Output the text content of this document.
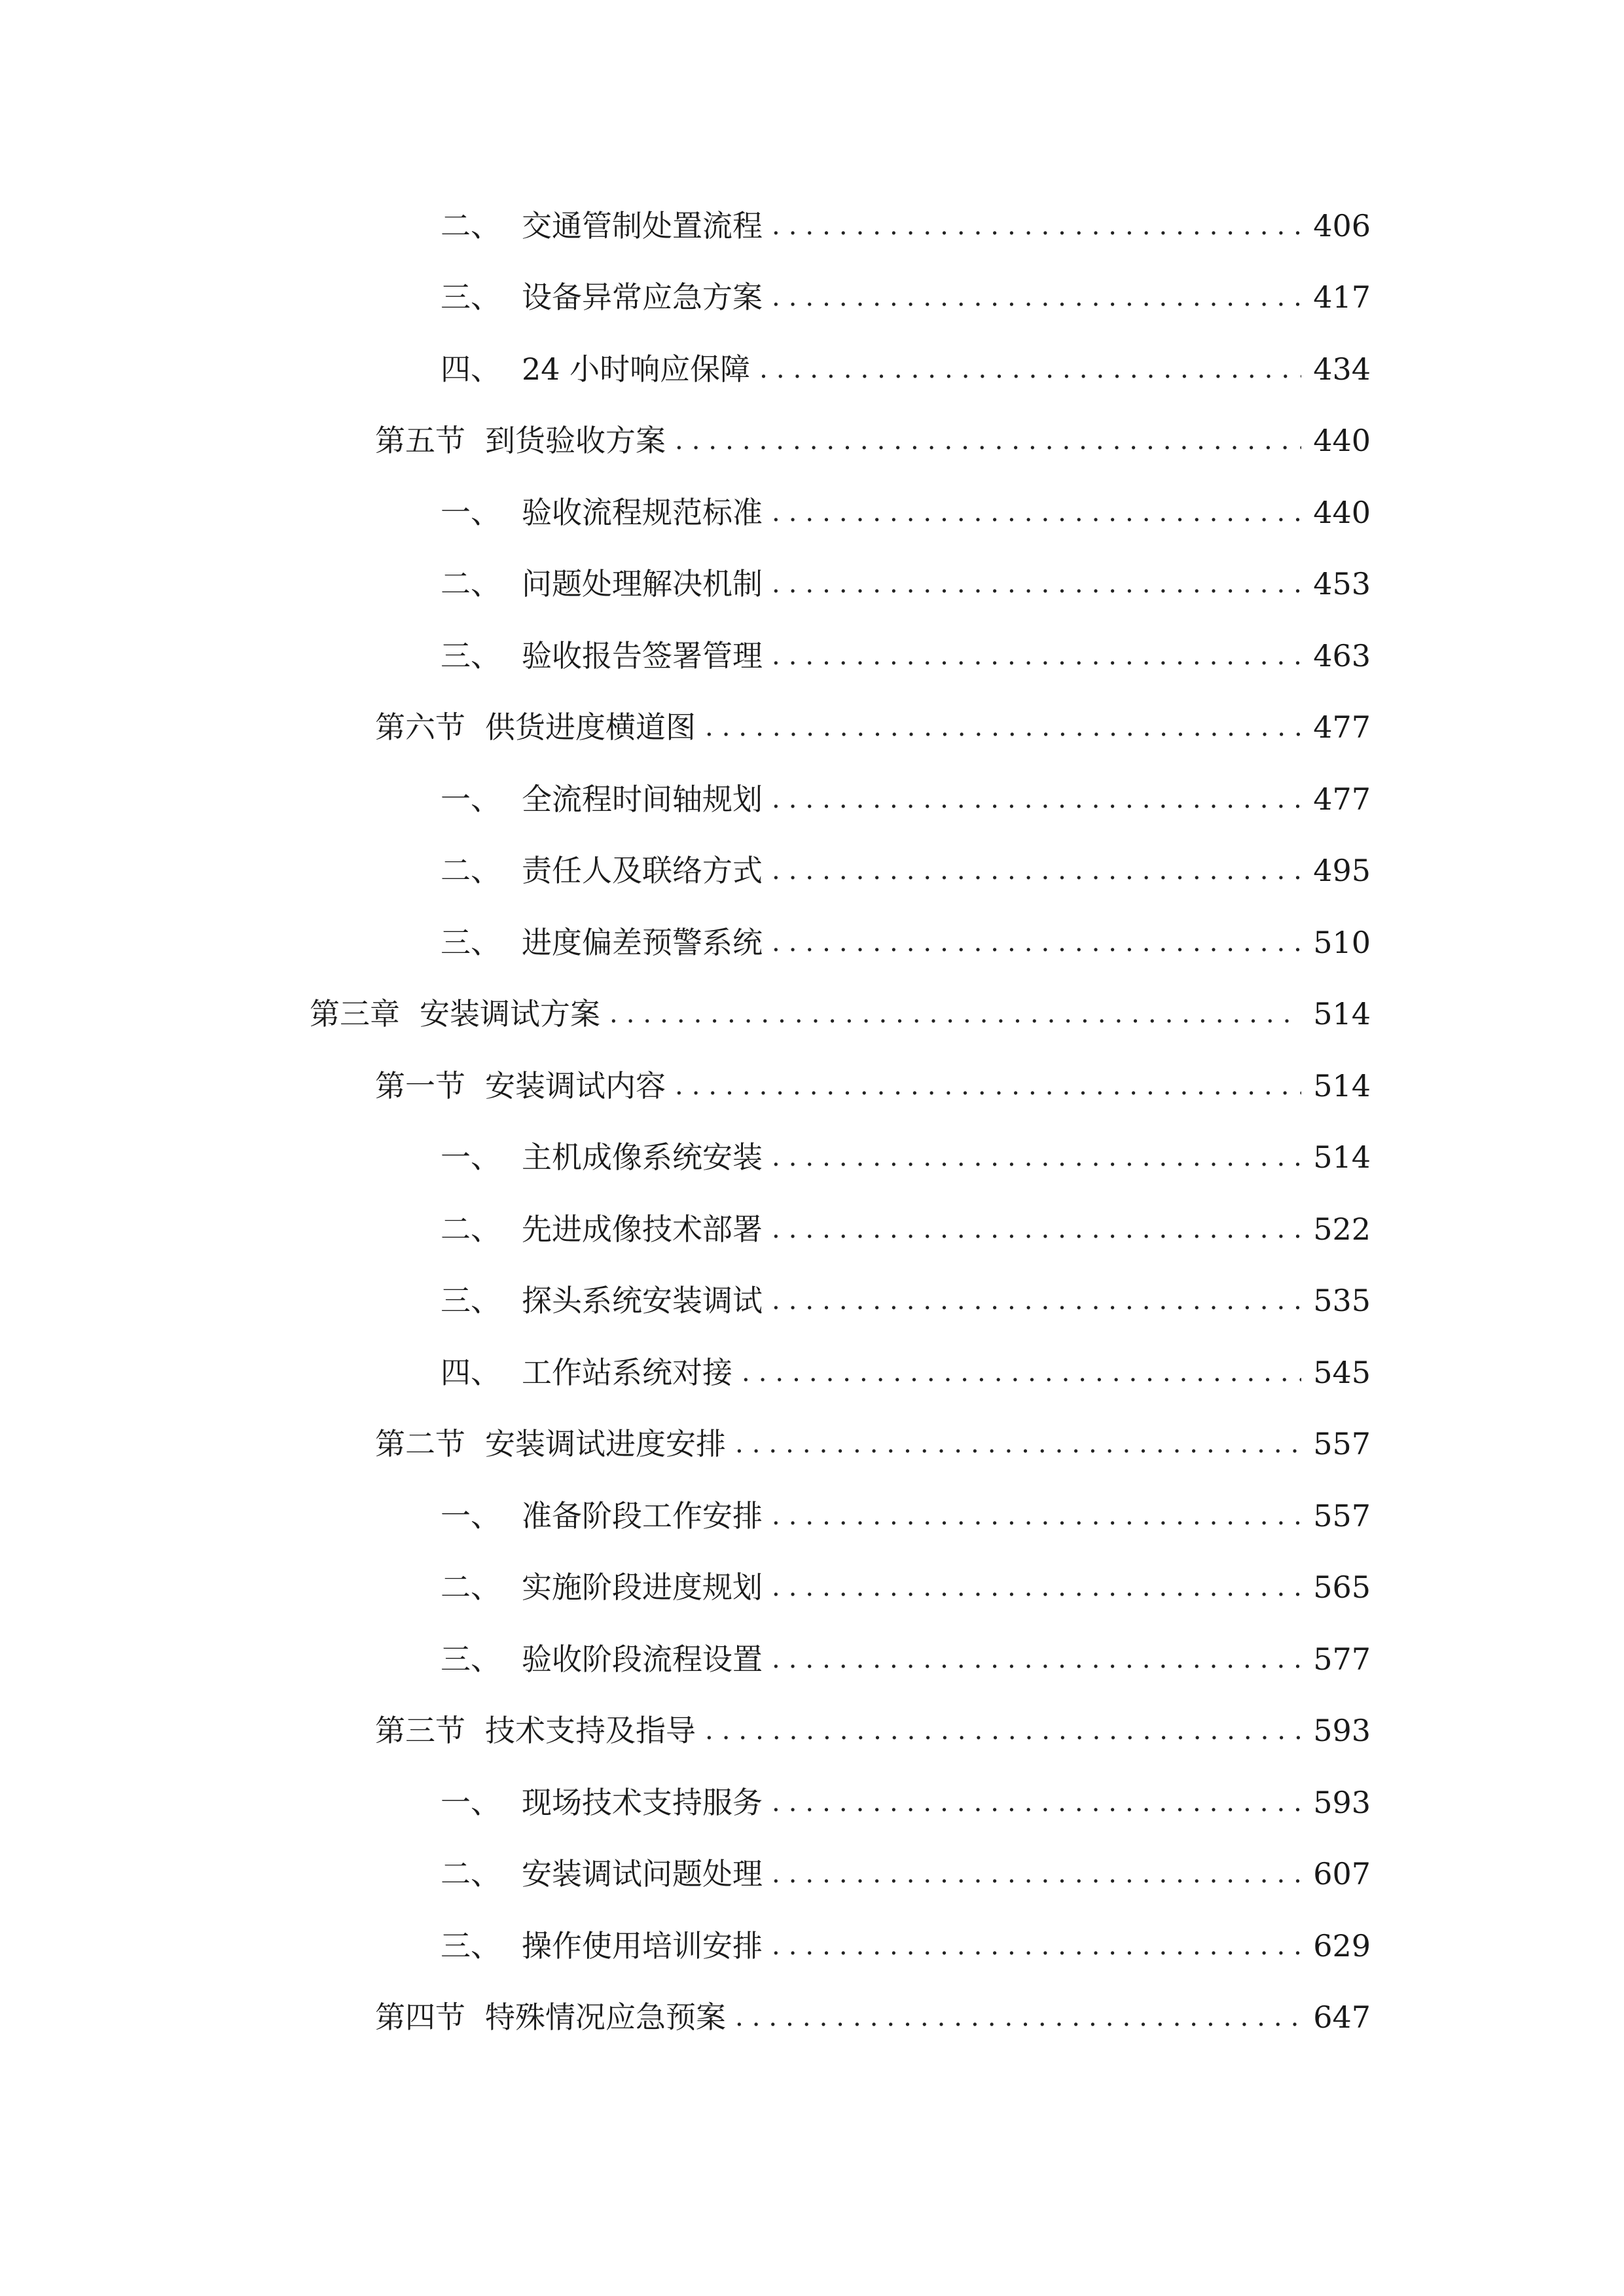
二、 交通管制处置流程 .....	406
三、 设备异常应急方案 .....	417
四、 24 小时响应保障 .....	434
第五节 到货验收方案 .....	440
一、 验收流程规范标准 .....	440
二、 问题处理解决机制 .....	453
三、 验收报告签署管理 .....	463
第六节 供货进度横道图 .....	477
一、 全流程时间轴规划 .....	477
二、 责任人及联络方式 .....	495
三、 进度偏差预警系统 .....	510
第三章 安装调试方案 .....	514
第一节 安装调试内容 .....	514
一、 主机成像系统安装 .....	514
二、 先进成像技术部署 .....	522
三、 探头系统安装调试 .....	535
四、 工作站系统对接 .....	545
第二节 安装调试进度安排 .....	557
一、 准备阶段工作安排 .....	557
二、 实施阶段进度规划 .....	565
三、 验收阶段流程设置 .....	577
第三节 技术支持及指导 .....	593
一、 现场技术支持服务 .....	593
二、 安装调试问题处理 .....	607
三、 操作使用培训安排 .....	629
第四节 特殊情况应急预案 .....	647
